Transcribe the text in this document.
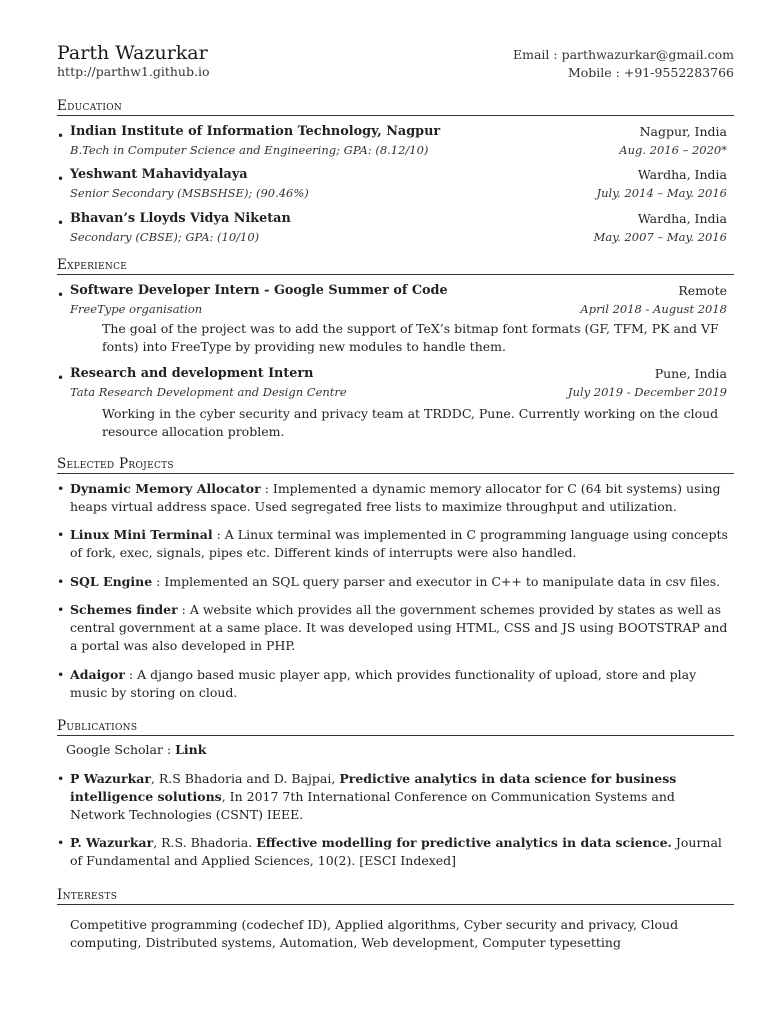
Parth Wazurkar
http://parthw1.github.io
Email : parthwazurkar@gmail.com
Mobile : +91-9552283766
Education
• Indian Institute of Information Technology, Nagpur	Nagpur, India
B.Tech in Computer Science and Engineering; GPA: (8.12/10)	Aug. 2016 – 2020*
• Yeshwant Mahavidyalaya	Wardha, India
Senior Secondary (MSBSHSE); (90.46%)	July. 2014 – May. 2016
• Bhavan’s Lloyds Vidya Niketan	Wardha, India
Secondary (CBSE); GPA: (10/10)	May. 2007 – May. 2016
Experience
• Software Developer Intern - Google Summer of Code	Remote
FreeType organisation	April 2018 - August 2018
The goal of the project was to add the support of TeX’s bitmap font formats (GF, TFM, PK and VF fonts) into FreeType by providing new modules to handle them.
• Research and development Intern	Pune, India
Tata Research Development and Design Centre	July 2019 - December 2019
Working in the cyber security and privacy team at TRDDC, Pune. Currently working on the cloud resource allocation problem.
Selected Projects
• Dynamic Memory Allocator : Implemented a dynamic memory allocator for C (64 bit systems) using heaps virtual address space. Used segregated free lists to maximize throughput and utilization.
• Linux Mini Terminal : A Linux terminal was implemented in C programming language using concepts of fork, exec, signals, pipes etc. Different kinds of interrupts were also handled.
• SQL Engine : Implemented an SQL query parser and executor in C++ to manipulate data in csv files.
• Schemes finder : A website which provides all the government schemes provided by states as well as central government at a same place. It was developed using HTML, CSS and JS using BOOTSTRAP and a portal was also developed in PHP.
• Adaigor : A django based music player app, which provides functionality of upload, store and play music by storing on cloud.
Publications
Google Scholar : Link
• P Wazurkar, R.S Bhadoria and D. Bajpai, Predictive analytics in data science for business intelligence solutions, In 2017 7th International Conference on Communication Systems and Network Technologies (CSNT) IEEE.
• P. Wazurkar, R.S. Bhadoria. Effective modelling for predictive analytics in data science. Journal of Fundamental and Applied Sciences, 10(2). [ESCI Indexed]
Interests
Competitive programming (codechef ID), Applied algorithms, Cyber security and privacy, Cloud computing, Distributed systems, Automation, Web development, Computer typesetting
